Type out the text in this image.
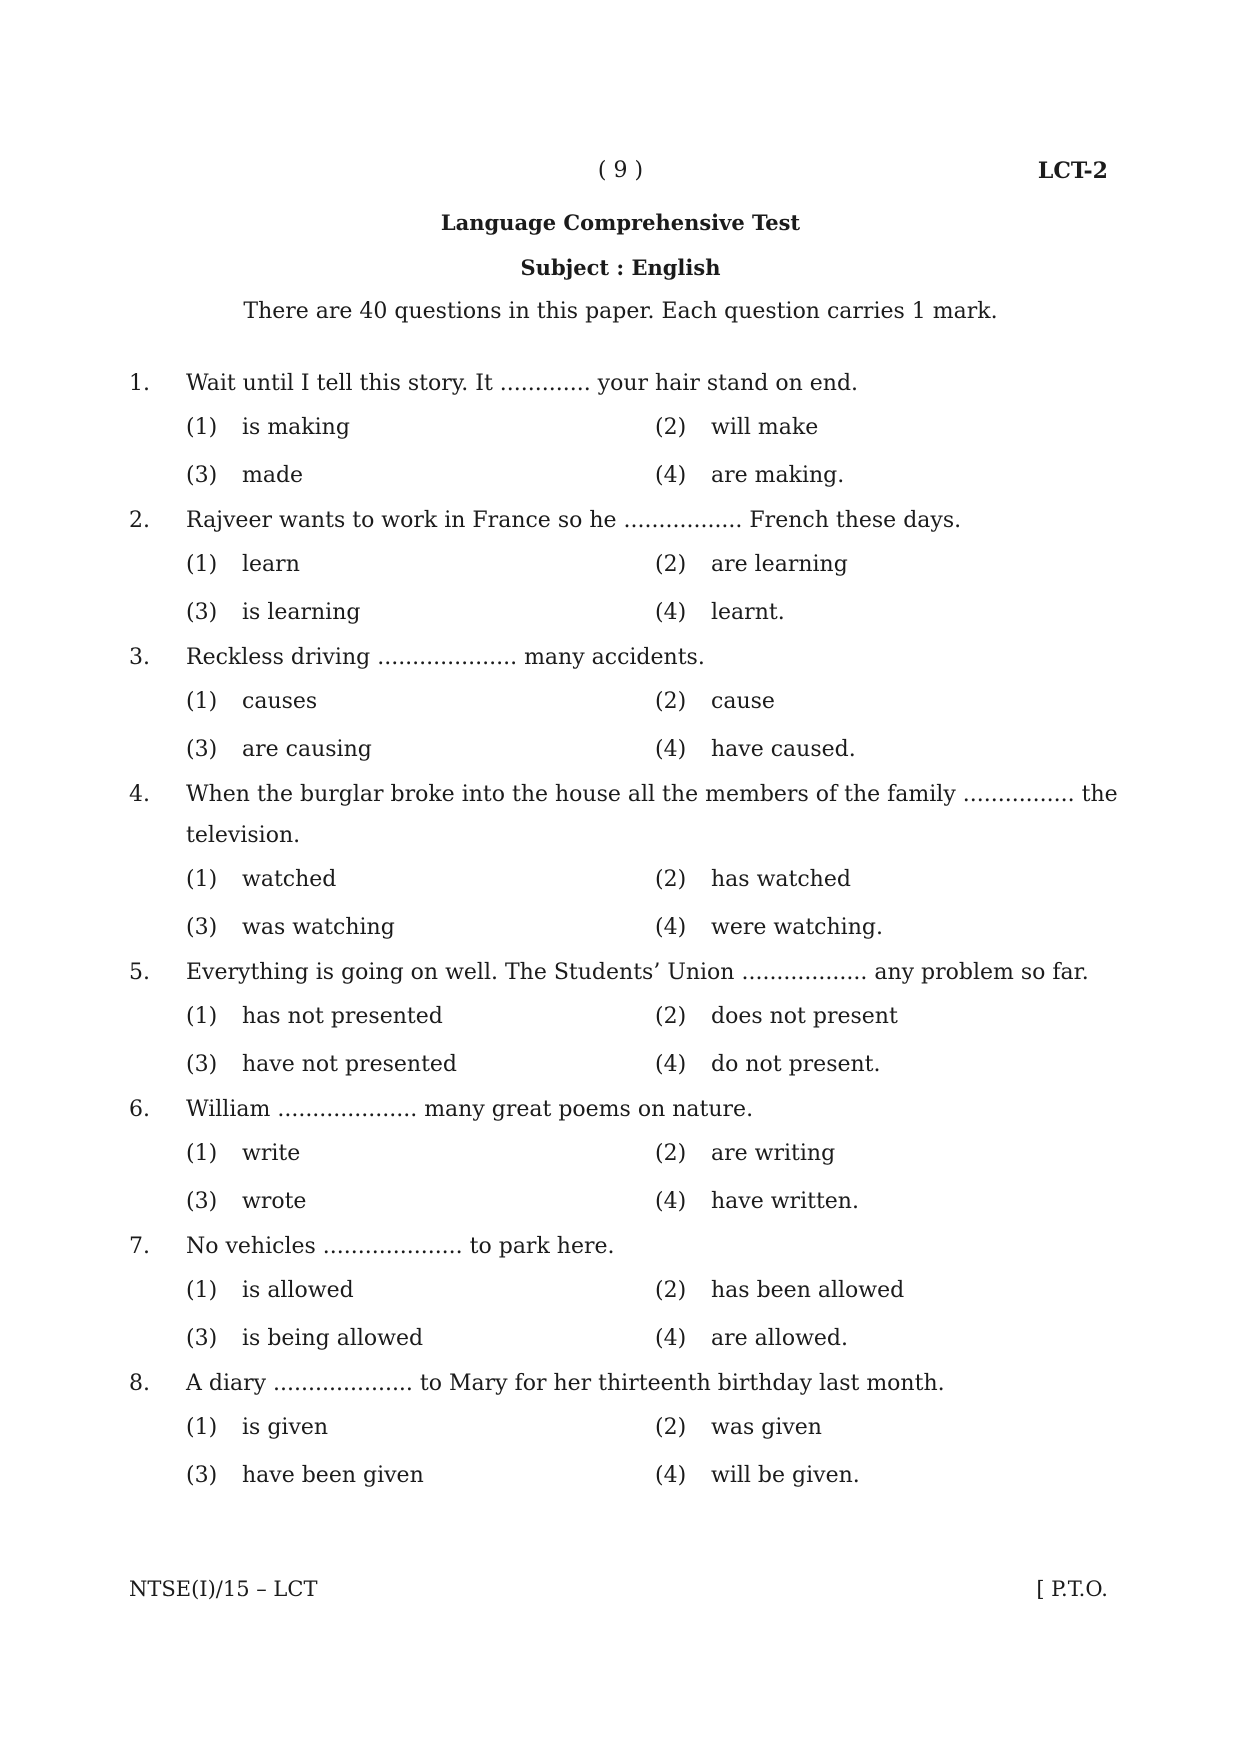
( 9 )	LCT-2
Language Comprehensive Test
Subject : English
There are 40 questions in this paper. Each question carries 1 mark.
1. Wait until I tell this story. It ............. your hair stand on end.
(1)	is making	(2)	will make
(3)	made	(4)	are making.
2. Rajveer wants to work in France so he ................. French these days.
(1)	learn	(2)	are learning
(3)	is learning	(4)	learnt.
3. Reckless driving .................... many accidents.
(1)	causes	(2)	cause
(3)	are causing	(4)	have caused.
4. When the burglar broke into the house all the members of the family ................ the television.
(1)	watched	(2)	has watched
(3)	was watching	(4)	were watching.
5. Everything is going on well. The Students’ Union .................. any problem so far.
(1)	has not presented	(2)	does not present
(3)	have not presented	(4)	do not present.
6. William .................... many great poems on nature.
(1)	write	(2)	are writing
(3)	wrote	(4)	have written.
7. No vehicles .................... to park here.
(1)	is allowed	(2)	has been allowed
(3)	is being allowed	(4)	are allowed.
8. A diary .................... to Mary for her thirteenth birthday last month.
(1)	is given	(2)	was given
(3)	have been given	(4)	will be given.
NTSE(I)/15 – LCT	[ P.T.O.
